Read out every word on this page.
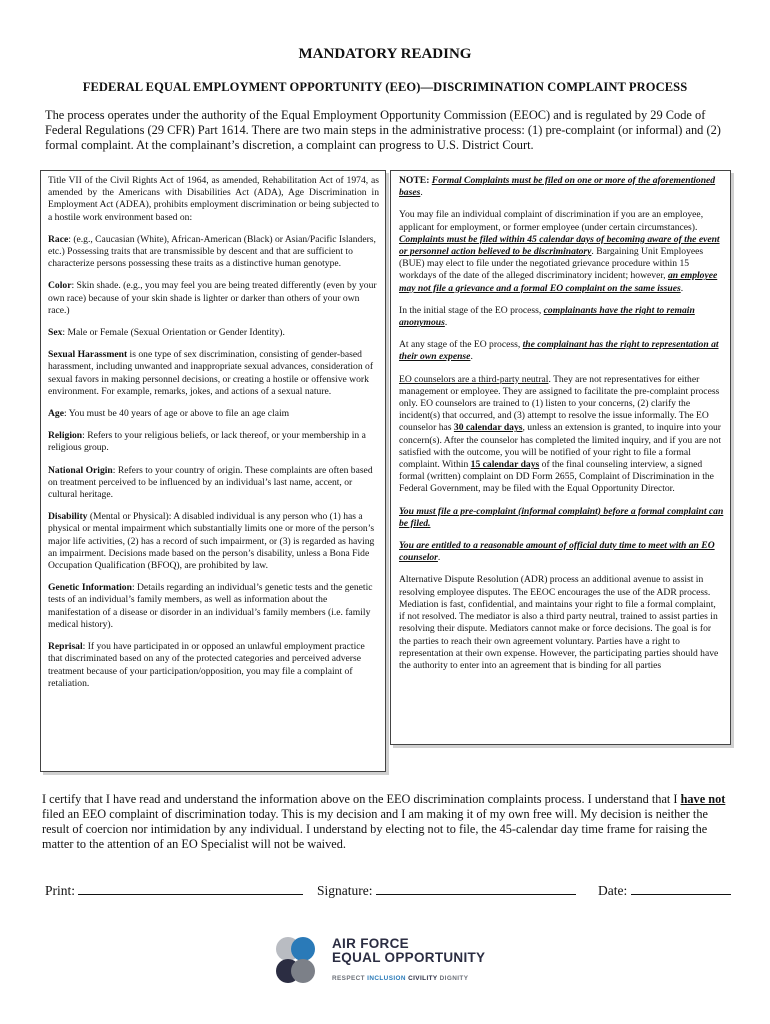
MANDATORY READING
FEDERAL EQUAL EMPLOYMENT OPPORTUNITY (EEO)—DISCRIMINATION COMPLAINT PROCESS
The process operates under the authority of the Equal Employment Opportunity Commission (EEOC) and is regulated by 29 Code of Federal Regulations (29 CFR) Part 1614. There are two main steps in the administrative process: (1) pre-complaint (or informal) and (2) formal complaint. At the complainant’s discretion, a complaint can progress to U.S. District Court.

Title VII of the Civil Rights Act of 1964, as amended, Rehabilitation Act of 1974, as amended by the Americans with Disabilities Act (ADA), Age Discrimination in Employment Act (ADEA), prohibits employment discrimination or being subjected to a hostile work environment based on:

Race: (e.g., Caucasian (White), African-American (Black) or Asian/Pacific Islanders, etc.) Possessing traits that are transmissible by descent and that are sufficient to characterize persons possessing these traits as a distinctive human genotype.

Color: Skin shade. (e.g., you may feel you are being treated differently (even by your own race) because of your skin shade is lighter or darker than others of your own race.)

Sex: Male or Female (Sexual Orientation or Gender Identity).

Sexual Harassment is one type of sex discrimination, consisting of gender-based harassment, including unwanted and inappropriate sexual advances, consideration of sexual favors in making personnel decisions, or creating a hostile or offensive work environment. For example, remarks, jokes, and actions of a sexual nature.

Age: You must be 40 years of age or above to file an age claim

Religion: Refers to your religious beliefs, or lack thereof, or your membership in a religious group.

National Origin: Refers to your country of origin. These complaints are often based on treatment perceived to be influenced by an individual’s last name, accent, or cultural heritage.

Disability (Mental or Physical): A disabled individual is any person who (1) has a physical or mental impairment which substantially limits one or more of the person’s major life activities, (2) has a record of such impairment, or (3) is regarded as having an impairment. Decisions made based on the person’s disability, unless a Bona Fide Occupation Qualification (BFOQ), are prohibited by law.

Genetic Information: Details regarding an individual’s genetic tests and the genetic tests of an individual’s family members, as well as information about the manifestation of a disease or disorder in an individual’s family members (i.e. family medical history).

Reprisal: If you have participated in or opposed an unlawful employment practice that discriminated based on any of the protected categories and perceived adverse treatment because of your participation/opposition, you may file a complaint of retaliation.

NOTE: Formal Complaints must be filed on one or more of the aforementioned bases.

You may file an individual complaint of discrimination if you are an employee, applicant for employment, or former employee (under certain circumstances). Complaints must be filed within 45 calendar days of becoming aware of the event or personnel action believed to be discriminatory. Bargaining Unit Employees (BUE) may elect to file under the negotiated grievance procedure within 15 workdays of the date of the alleged discriminatory incident; however, an employee may not file a grievance and a formal EO complaint on the same issues.

In the initial stage of the EO process, complainants have the right to remain anonymous.

At any stage of the EO process, the complainant has the right to representation at their own expense.

EO counselors are a third-party neutral. They are not representatives for either management or employee. They are assigned to facilitate the pre-complaint process only. EO counselors are trained to (1) listen to your concerns, (2) clarify the incident(s) that occurred, and (3) attempt to resolve the issue informally. The EO counselor has 30 calendar days, unless an extension is granted, to inquire into your concern(s). After the counselor has completed the limited inquiry, and if you are not satisfied with the outcome, you will be notified of your right to file a formal complaint. Within 15 calendar days of the final counseling interview, a signed formal (written) complaint on DD Form 2655, Complaint of Discrimination in the Federal Government, may be filed with the Equal Opportunity Director.

You must file a pre-complaint (informal complaint) before a formal complaint can be filed.

You are entitled to a reasonable amount of official duty time to meet with an EO counselor.

Alternative Dispute Resolution (ADR) process an additional avenue to assist in resolving employee disputes. The EEOC encourages the use of the ADR process. Mediation is fast, confidential, and maintains your right to file a formal complaint, if not resolved. The mediator is also a third party neutral, trained to assist parties in resolving their dispute. Mediators cannot make or force decisions. The goal is for the parties to reach their own agreement voluntary. Parties have a right to representation at their own expense. However, the participating parties should have the authority to enter into an agreement that is binding for all parties

I certify that I have read and understand the information above on the EEO discrimination complaints process. I understand that I have not filed an EEO complaint of discrimination today. This is my decision and I am making it of my own free will. My decision is neither the result of coercion nor intimidation by any individual. I understand by electing not to file, the 45-calendar day time frame for raising the matter to the attention of an EO Specialist will not be waived.
Print:	Signature:	Date:
AIR FORCE
EQUAL OPPORTUNITY
RESPECT INCLUSION CIVILITY DIGNITY
